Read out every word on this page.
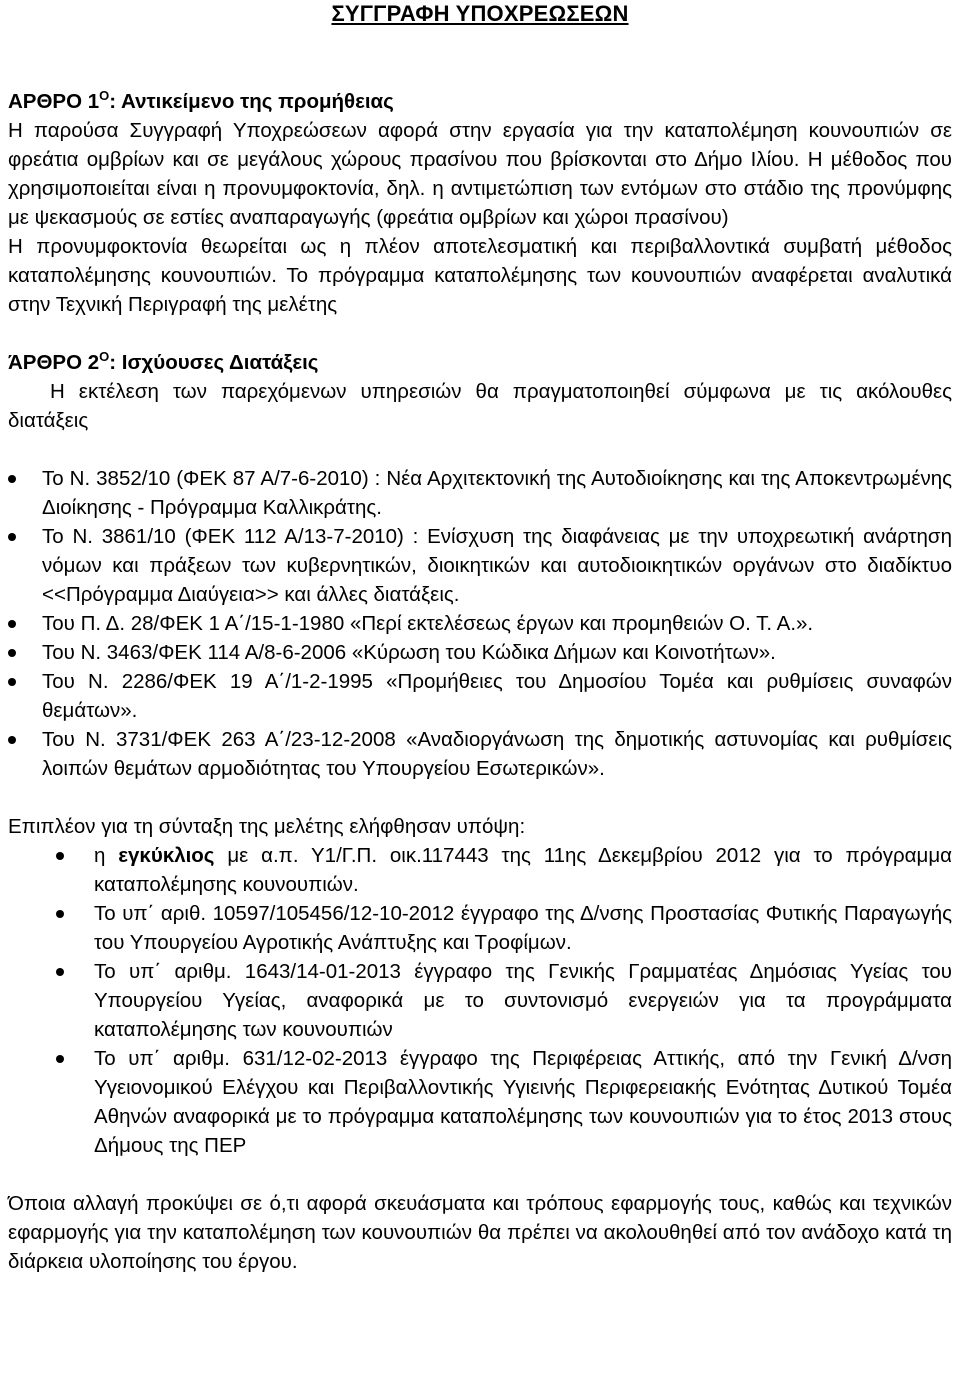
ΣΥΓΓΡΑΦΗ ΥΠΟΧΡΕΩΣΕΩΝ
ΑΡΘΡΟ $1^O$: Αντικείμενο της προμήθειας

Η παρούσα Συγγραφή Υποχρεώσεων αφορά στην εργασία για την καταπολέμηση κουνουπιών σε φρεάτια ομβρίων και σε μεγάλους χώρους πρασίνου που βρίσκονται στο Δήμο Ιλίου. Η μέθοδος που χρησιμοποιείται είναι η προνυμφοκτονία, δηλ. η αντιμετώπιση των εντόμων στο στάδιο της προνύμφης με ψεκασμούς σε εστίες αναπαραγωγής (φρεάτια ομβρίων και χώροι πρασίνου)

Η προνυμφοκτονία θεωρείται ως η πλέον αποτελεσματική και περιβαλλοντικά συμβατή μέθοδος καταπολέμησης κουνουπιών. Το πρόγραμμα καταπολέμησης των κουνουπιών αναφέρεται αναλυτικά στην Τεχνική Περιγραφή της μελέτης

ΆΡΘΡΟ $2^O$: Ισχύουσες Διατάξεις

Η εκτέλεση των παρεχόμενων υπηρεσιών θα πραγματοποιηθεί σύμφωνα με τις ακόλουθες διατάξεις

Το Ν. 3852/10 (ΦΕΚ 87 Α/7-6-2010) : Νέα Αρχιτεκτονική της Αυτοδιοίκησης και της Αποκεντρωμένης Διοίκησης - Πρόγραμμα Καλλικράτης.
Το Ν. 3861/10 (ΦΕΚ 112 Α/13-7-2010) : Ενίσχυση της διαφάνειας με την υποχρεωτική ανάρτηση νόμων και πράξεων των κυβερνητικών, διοικητικών και αυτοδιοικητικών οργάνων στο διαδίκτυο <<Πρόγραμμα Διαύγεια>> και άλλες διατάξεις.
Του Π. Δ. 28/ΦΕΚ 1 Α΄/15-1-1980 «Περί εκτελέσεως έργων και προμηθειών Ο. Τ. Α.».
Του Ν. 3463/ΦΕΚ 114 Α/8-6-2006 «Κύρωση του Κώδικα Δήμων και Κοινοτήτων».
Του Ν. 2286/ΦΕΚ 19 Α΄/1-2-1995 «Προμήθειες του Δημοσίου Τομέα και ρυθμίσεις συναφών θεμάτων».
Του Ν. 3731/ΦΕΚ 263 Α΄/23-12-2008 «Αναδιοργάνωση της δημοτικής αστυνομίας και ρυθμίσεις λοιπών θεμάτων αρμοδιότητας του Υπουργείου Εσωτερικών».

Επιπλέον για τη σύνταξη της μελέτης ελήφθησαν υπόψη:

η εγκύκλιος με α.π. Υ1/Γ.Π. οικ.117443 της 11ης Δεκεμβρίου 2012 για το πρόγραμμα καταπολέμησης κουνουπιών.
Το υπ΄ αριθ. 10597/105456/12-10-2012 έγγραφο της Δ/νσης Προστασίας Φυτικής Παραγωγής του Υπουργείου Αγροτικής Ανάπτυξης και Τροφίμων.
Το υπ΄ αριθμ. 1643/14-01-2013 έγγραφο της Γενικής Γραμματέας Δημόσιας Υγείας του Υπουργείου Υγείας, αναφορικά με το συντονισμό ενεργειών για τα προγράμματα καταπολέμησης των κουνουπιών
Το υπ΄ αριθμ. 631/12-02-2013 έγγραφο της Περιφέρειας Αττικής, από την Γενική Δ/νση Υγειονομικού Ελέγχου και Περιβαλλοντικής Υγιεινής Περιφερειακής Ενότητας Δυτικού Τομέα Αθηνών αναφορικά με το πρόγραμμα καταπολέμησης των κουνουπιών για το έτος 2013 στους Δήμους της ΠΕΡ

Όποια αλλαγή προκύψει σε ό,τι αφορά σκευάσματα και τρόπους εφαρμογής τους, καθώς και τεχνικών εφαρμογής για την καταπολέμηση των κουνουπιών θα πρέπει να ακολουθηθεί από τον ανάδοχο κατά τη διάρκεια υλοποίησης του έργου.
